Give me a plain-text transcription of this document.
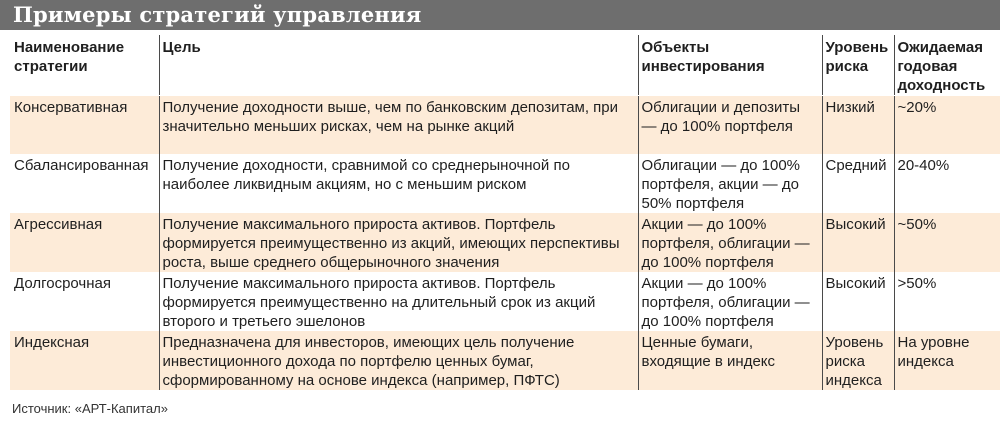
Примеры стратегий управления
Наименование стратегии	Цель	Объекты инвестирования	Уровень риска	Ожидаемая годовая доходность
Консервативная	Получение доходности выше, чем по банковским депозитам, при значительно меньших рисках, чем на рынке акций	Облигации и депозиты — до 100% портфеля	Низкий	~20%
Сбалансированная	Получение доходности, сравнимой со среднерыночной по наиболее ликвидным акциям, но с меньшим риском	Облигации — до 100% портфеля, акции — до 50% портфеля	Средний	20-40%
Агрессивная	Получение максимального прироста активов. Портфель формируется преимущественно из акций, имеющих перспективы роста, выше среднего общерыночного значения	Акции — до 100% портфеля, облигации — до 100% портфеля	Высокий	~50%
Долгосрочная	Получение максимального прироста активов. Портфель формируется преимущественно на длительный срок из акций второго и третьего эшелонов	Акции — до 100% портфеля, облигации — до 100% портфеля	Высокий	>50%
Индексная	Предназначена для инвесторов, имеющих цель получение инвестиционного дохода по портфелю ценных бумаг, сформированному на основе индекса (например, ПФТС)	Ценные бумаги, входящие в индекс	Уровень риска индекса	На уровне индекса
Источник: «АРТ-Капитал»
